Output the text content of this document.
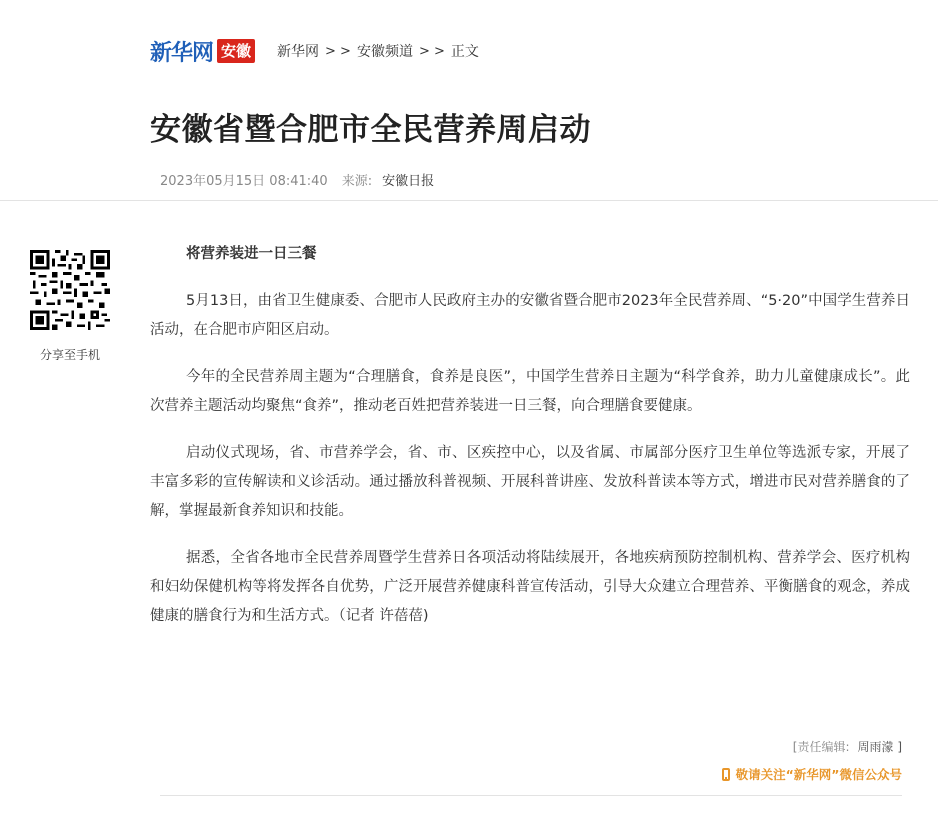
新华网 安徽 新华网 > > 安徽频道 > > 正文
安徽省暨合肥市全民营养周启动
2023年05月15日 08:41:40 来源: 安徽日报
分享至手机

将营养装进一日三餐

5月13日，由省卫生健康委、合肥市人民政府主办的安徽省暨合肥市2023年全民营养周、“5·20”中国学生营养日活动，在合肥市庐阳区启动。

今年的全民营养周主题为“合理膳食，食养是良医”，中国学生营养日主题为“科学食养，助力儿童健康成长”。此次营养主题活动均聚焦“食养”，推动老百姓把营养装进一日三餐，向合理膳食要健康。

启动仪式现场，省、市营养学会，省、市、区疾控中心，以及省属、市属部分医疗卫生单位等选派专家，开展了丰富多彩的宣传解读和义诊活动。通过播放科普视频、开展科普讲座、发放科普读本等方式，增进市民对营养膳食的了解，掌握最新食养知识和技能。

据悉，全省各地市全民营养周暨学生营养日各项活动将陆续展开，各地疾病预防控制机构、营养学会、医疗机构和妇幼保健机构等将发挥各自优势，广泛开展营养健康科普宣传活动，引导大众建立合理营养、平衡膳食的观念，养成健康的膳食行为和生活方式。（记者 许蓓蓓)

[责任编辑: 周雨濛 ]
敬请关注“新华网”微信公众号
